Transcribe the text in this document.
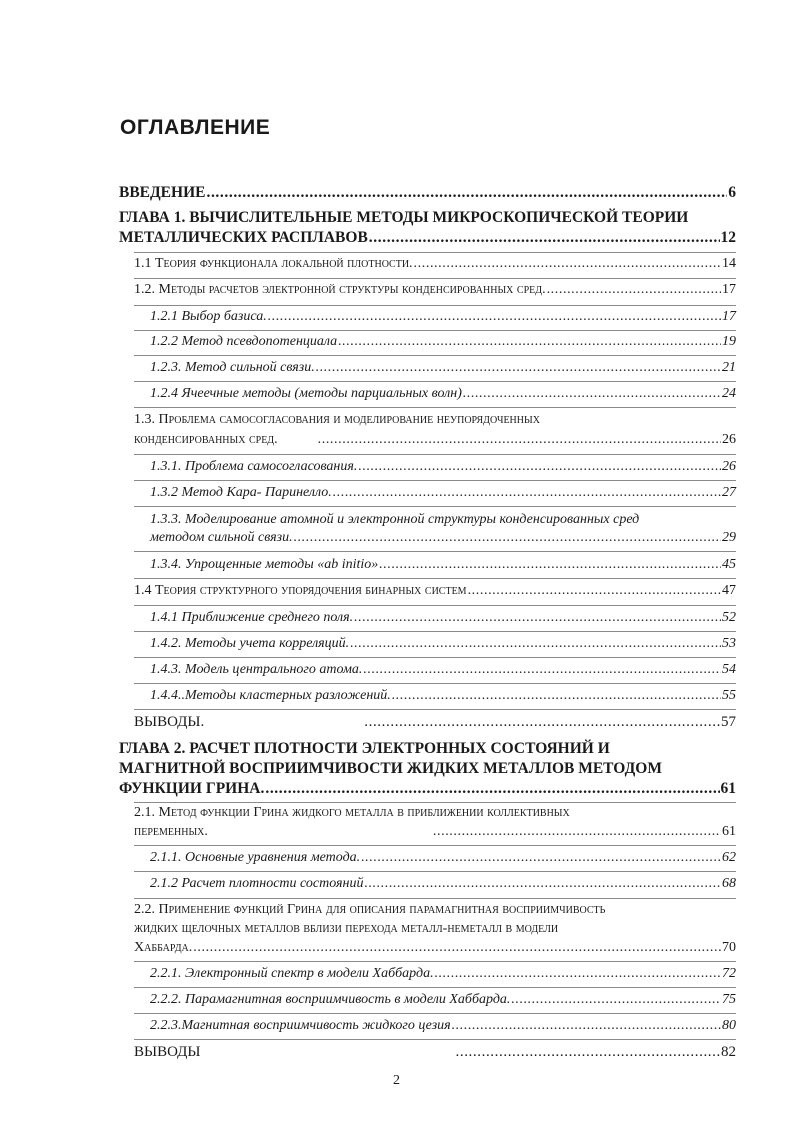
ОГЛАВЛЕНИЕ
ВВЕДЕНИЕ .....	6
ГЛАВА 1. ВЫЧИСЛИТЕЛЬНЫЕ МЕТОДЫ МИКРОСКОПИЧЕСКОЙ ТЕОРИИ
МЕТАЛЛИЧЕСКИХ РАСПЛАВОВ .....	12
1.1 Теория функционала локальной плотности. .....	14
1.2. Методы расчетов электронной структуры конденсированных сред. .....	17
1.2.1 Выбор базиса. .....	17
1.2.2 Метод псевдопотенциала .....	19
1.2.3. Метод сильной связи. .....	21
1.2.4 Ячеечные методы (методы парциальных волн) .....	24
1.3. Проблема самосогласования и моделирование неупорядоченных
конденсированных сред. .....	26
1.3.1. Проблема самосогласования. .....	26
1.3.2 Метод Кара- Паринелло. .....	27
1.3.3. Моделирование атомной и электронной структуры конденсированных сред
методом сильной связи. .....	29
1.3.4. Упрощенные методы «ab initio» .....	45
1.4 Теория структурного упорядочения бинарных систем .....	47
1.4.1 Приближение среднего поля. .....	52
1.4.2. Методы учета корреляций. .....	53
1.4.3. Модель центрального атома. .....	54
1.4.4..Методы кластерных разложений. .....	55
ВЫВОДЫ. .....	57
ГЛАВА 2. РАСЧЕТ ПЛОТНОСТИ ЭЛЕКТРОННЫХ СОСТОЯНИЙ И
МАГНИТНОЙ ВОСПРИИМЧИВОСТИ ЖИДКИХ МЕТАЛЛОВ МЕТОДОМ
ФУНКЦИИ ГРИНА. .....	61
2.1. Метод функции Грина жидкого металла в приближении коллективных
переменных. .....	61
2.1.1. Основные уравнения метода. .....	62
2.1.2 Расчет плотности состояний .....	68
2.2. Применение функций Грина для описания парамагнитная восприимчивость
жидких щелочных металлов вблизи перехода металл-неметалл в модели
Хаббарда. .....	70
2.2.1. Электронный спектр в модели Хаббарда. .....	72
2.2.2. Парамагнитная восприимчивость в модели Хаббарда. .....	75
2.2.3.Магнитная восприимчивость жидкого цезия .....	80
ВЫВОДЫ .....	82
2
